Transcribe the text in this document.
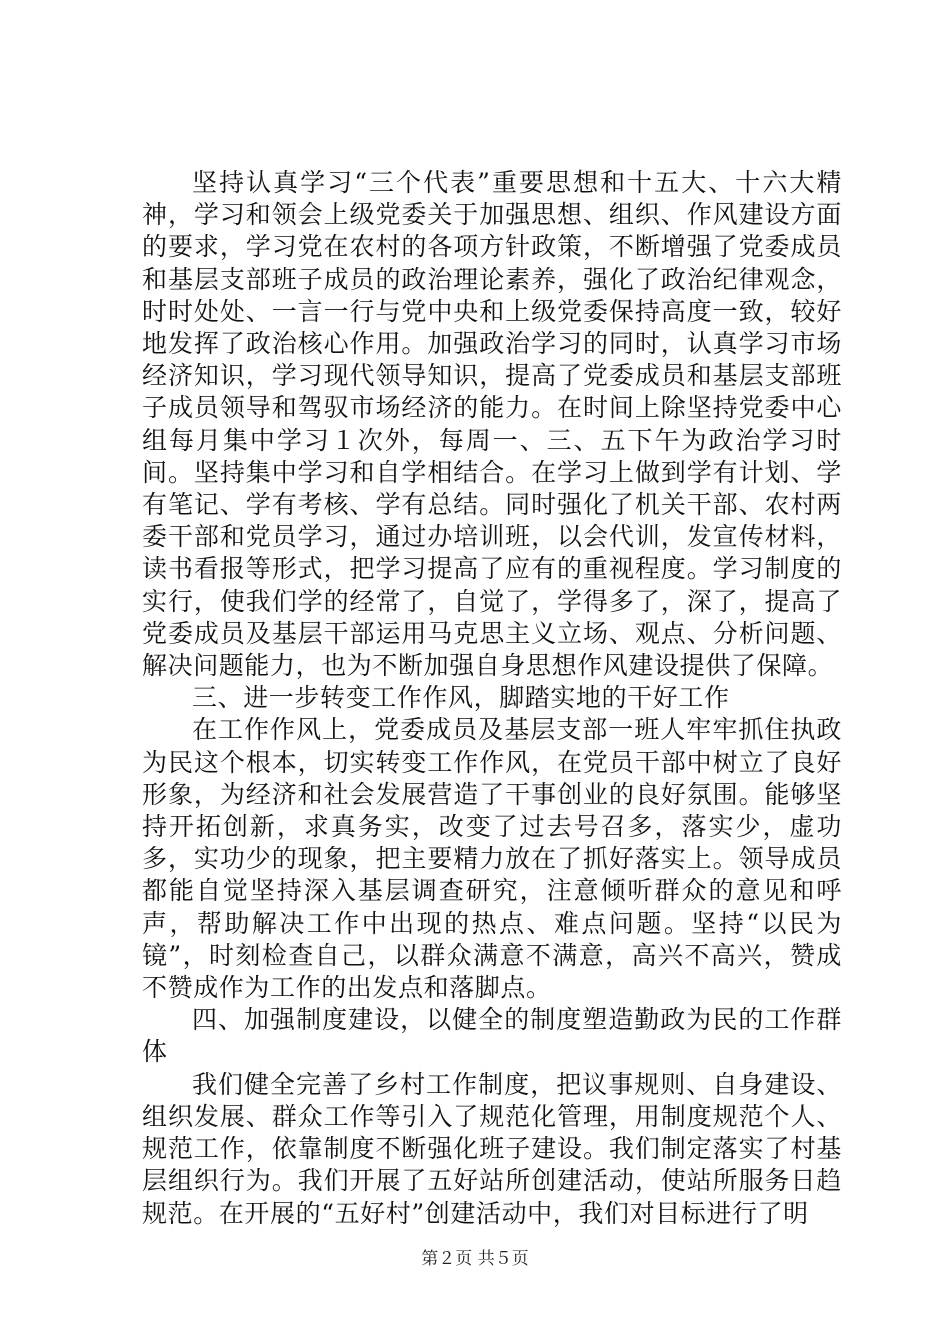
坚持认真学习“三个代表”重要思想和十五大、十六大精神，学习和领会上级党委关于加强思想、组织、作风建设方面的要求，学习党在农村的各项方针政策，不断增强了党委成员和基层支部班子成员的政治理论素养，强化了政治纪律观念，时时处处、一言一行与党中央和上级党委保持高度一致，较好地发挥了政治核心作用。加强政治学习的同时，认真学习市场经济知识，学习现代领导知识，提高了党委成员和基层支部班子成员领导和驾驭市场经济的能力。在时间上除坚持党委中心组每月集中学习１次外，每周一、三、五下午为政治学习时间。坚持集中学习和自学相结合。在学习上做到学有计划、学有笔记、学有考核、学有总结。同时强化了机关干部、农村两委干部和党员学习，通过办培训班，以会代训，发宣传材料，读书看报等形式，把学习提高了应有的重视程度。学习制度的实行，使我们学的经常了，自觉了，学得多了，深了，提高了党委成员及基层干部运用马克思主义立场、观点、分析问题、解决问题能力，也为不断加强自身思想作风建设提供了保障。

三、进一步转变工作作风，脚踏实地的干好工作

在工作作风上，党委成员及基层支部一班人牢牢抓住执政为民这个根本，切实转变工作作风，在党员干部中树立了良好形象，为经济和社会发展营造了干事创业的良好氛围。能够坚持开拓创新，求真务实，改变了过去号召多，落实少，虚功多，实功少的现象，把主要精力放在了抓好落实上。领导成员都能自觉坚持深入基层调查研究，注意倾听群众的意见和呼声，帮助解决工作中出现的热点、难点问题。坚持“以民为镜”，时刻检查自己，以群众满意不满意，高兴不高兴，赞成不赞成作为工作的出发点和落脚点。

四、加强制度建设，以健全的制度塑造勤政为民的工作群体

我们健全完善了乡村工作制度，把议事规则、自身建设、组织发展、群众工作等引入了规范化管理，用制度规范个人、规范工作，依靠制度不断强化班子建设。我们制定落实了村基层组织行为。我们开展了五好站所创建活动，使站所服务日趋规范。在开展的“五好村”创建活动中，我们对目标进行了明

第２页 共５页
